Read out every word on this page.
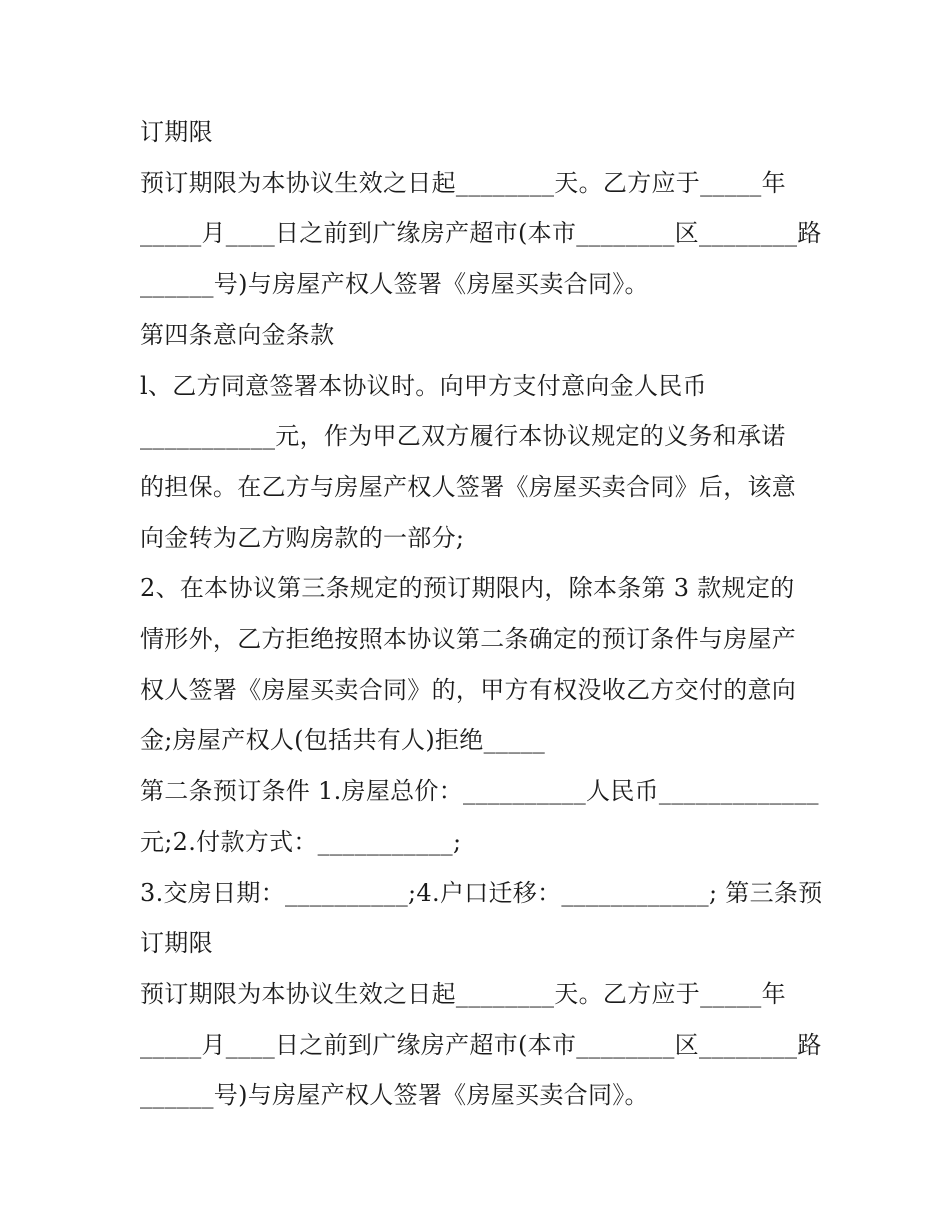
订期限
预订期限为本协议生效之日起________天。乙方应于_____年
_____月____日之前到广缘房产超市(本市________区________路
______号)与房屋产权人签署《房屋买卖合同》。
第四条意向金条款
l、乙方同意签署本协议时。向甲方支付意向金人民币
___________元，作为甲乙双方履行本协议规定的义务和承诺
的担保。在乙方与房屋产权人签署《房屋买卖合同》后，该意
向金转为乙方购房款的一部分;
2、在本协议第三条规定的预订期限内，除本条第 3 款规定的
情形外，乙方拒绝按照本协议第二条确定的预订条件与房屋产
权人签署《房屋买卖合同》的，甲方有权没收乙方交付的意向
金;房屋产权人(包括共有人)拒绝_____
第二条预订条件 1.房屋总价：__________人民币_____________
元;2.付款方式：___________;
3.交房日期：__________;4.户口迁移：____________; 第三条预
订期限
预订期限为本协议生效之日起________天。乙方应于_____年
_____月____日之前到广缘房产超市(本市________区________路
______号)与房屋产权人签署《房屋买卖合同》。
